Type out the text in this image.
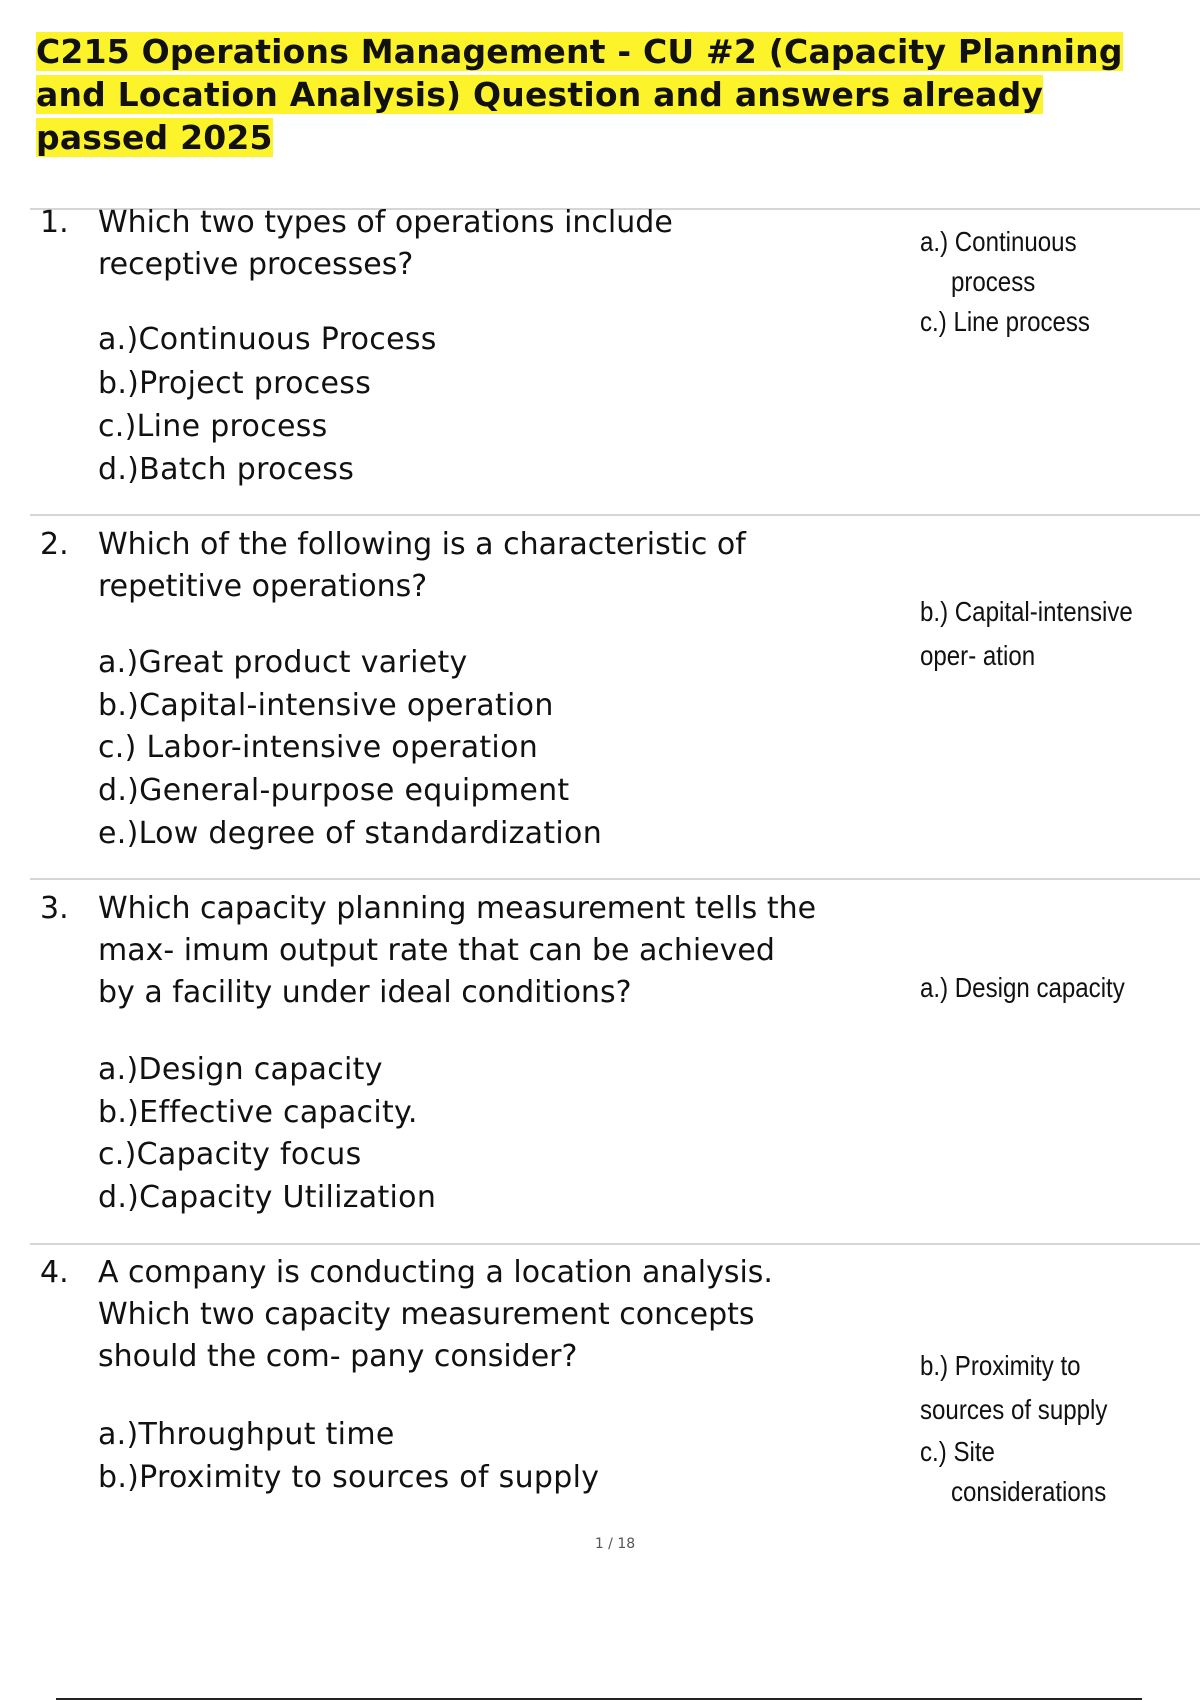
C215 Operations Management - CU #2 (Capacity Planning
and Location Analysis) Question and answers already
passed 2025
1. Which two types of operations include
receptive processes?
a.)Continuous Process
b.)Project process
c.)Line process
d.)Batch process
a.) Continuous
process
c.) Line process
2. Which of the following is a characteristic of
repetitive operations?
a.)Great product variety
b.)Capital-intensive operation
c.) Labor-intensive operation
d.)General-purpose equipment
e.)Low degree of standardization
b.) Capital-intensive
oper- ation
3. Which capacity planning measurement tells the
max- imum output rate that can be achieved
by a facility under ideal conditions?
a.)Design capacity
b.)Effective capacity.
c.)Capacity focus
d.)Capacity Utilization
a.) Design capacity
4. A company is conducting a location analysis.
Which two capacity measurement concepts
should the com- pany consider?
a.)Throughput time
b.)Proximity to sources of supply
b.) Proximity to
sources of supply
c.) Site
considerations
1 / 18
